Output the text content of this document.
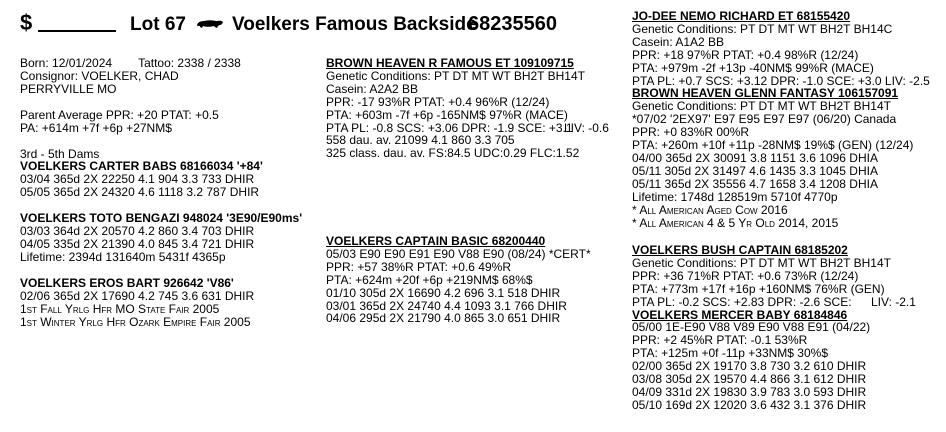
$	Lot 67 Voelkers Famous Backside
68235560
Born: 12/01/2024 Tattoo: 2338 / 2338
Consignor: VOELKER, CHAD
PERRYVILLE MO
Parent Average PPR: +20 PTAT: +0.5
PA: +614m +7f +6p +27NM$
3rd - 5th Dams
VOELKERS CARTER BABS 68166034 '+84'
03/04 365d 2X 22250 4.1 904 3.3 733 DHIR
05/05 365d 2X 24320 4.6 1118 3.2 787 DHIR
VOELKERS TOTO BENGAZI 948024 '3E90/E90ms'
03/03 364d 2X 20570 4.2 860 3.4 703 DHIR
04/05 335d 2X 21390 4.0 845 3.4 721 DHIR
Lifetime: 2394d 131640m 5431f 4365p
VOELKERS EROS BART 926642 'V86'
02/06 365d 2X 17690 4.2 745 3.6 631 DHIR
1st Fall Yrlg Hfr MO State Fair 2005
1st Winter Yrlg Hfr Ozark Empire Fair 2005
BROWN HEAVEN R FAMOUS ET 109109715
Genetic Conditions: PT DT MT WT BH2T BH14T
Casein: A2A2 BB
PPR: -17 93%R PTAT: +0.4 96%R (12/24)
PTA: +603m -7f +6p -165NM$ 97%R (MACE)
PTA PL: -0.8 SCS: +3.06 DPR: -1.9 SCE: +3.1
LIV: -0.6
558 dau. av. 21099 4.1 860 3.3 705
325 class. dau. av. FS:84.5 UDC:0.29 FLC:1.52
VOELKERS CAPTAIN BASIC 68200440
05/03 E90 E90 E91 E90 V88 E90 (08/24) *CERT*
PPR: +57 38%R PTAT: +0.6 49%R
PTA: +624m +20f +6p +219NM$ 68%$
01/10 305d 2X 16690 4.2 696 3.1 518 DHIR
03/01 365d 2X 24740 4.4 1093 3.1 766 DHIR
04/06 295d 2X 21790 4.0 865 3.0 651 DHIR
JO-DEE NEMO RICHARD ET 68155420
Genetic Conditions: PT DT MT WT BH2T BH14C
Casein: A1A2 BB
PPR: +18 97%R PTAT: +0.4 98%R (12/24)
PTA: +979m -2f +13p -40NM$ 99%R (MACE)
PTA PL: +0.7 SCS: +3.12 DPR: -1.0 SCE: +3.0 LIV: -2.5
BROWN HEAVEN GLENN FANTASY 106157091
Genetic Conditions: PT DT MT WT BH2T BH14T
*07/02 '2EX97' E97 E95 E97 E97 (06/20) Canada
PPR: +0 83%R 00%R
PTA: +260m +10f +11p -28NM$ 19%$ (GEN) (12/24)
04/00 365d 2X 30091 3.8 1151 3.6 1096 DHIA
05/11 305d 2X 31497 4.6 1435 3.3 1045 DHIA
05/11 365d 2X 35556 4.7 1658 3.4 1208 DHIA
Lifetime: 1748d 128519m 5710f 4770p
* All American Aged Cow 2016
* All American 4 & 5 Yr Old 2014, 2015
VOELKERS BUSH CAPTAIN 68185202
Genetic Conditions: PT DT MT WT BH2T BH14T
PPR: +36 71%R PTAT: +0.6 73%R (12/24)
PTA: +773m +17f +16p +160NM$ 76%R (GEN)
PTA PL: -0.2 SCS: +2.83 DPR: -2.6 SCE: LIV: -2.1
VOELKERS MERCER BABY 68184846
05/00 1E-E90 V88 V89 E90 V88 E91 (04/22)
PPR: +2 45%R PTAT: -0.1 53%R
PTA: +125m +0f -11p +33NM$ 30%$
02/00 365d 2X 19170 3.8 730 3.2 610 DHIR
03/08 305d 2X 19570 4.4 866 3.1 612 DHIR
04/09 331d 2X 19830 3.9 783 3.0 593 DHIR
05/10 169d 2X 12020 3.6 432 3.1 376 DHIR
